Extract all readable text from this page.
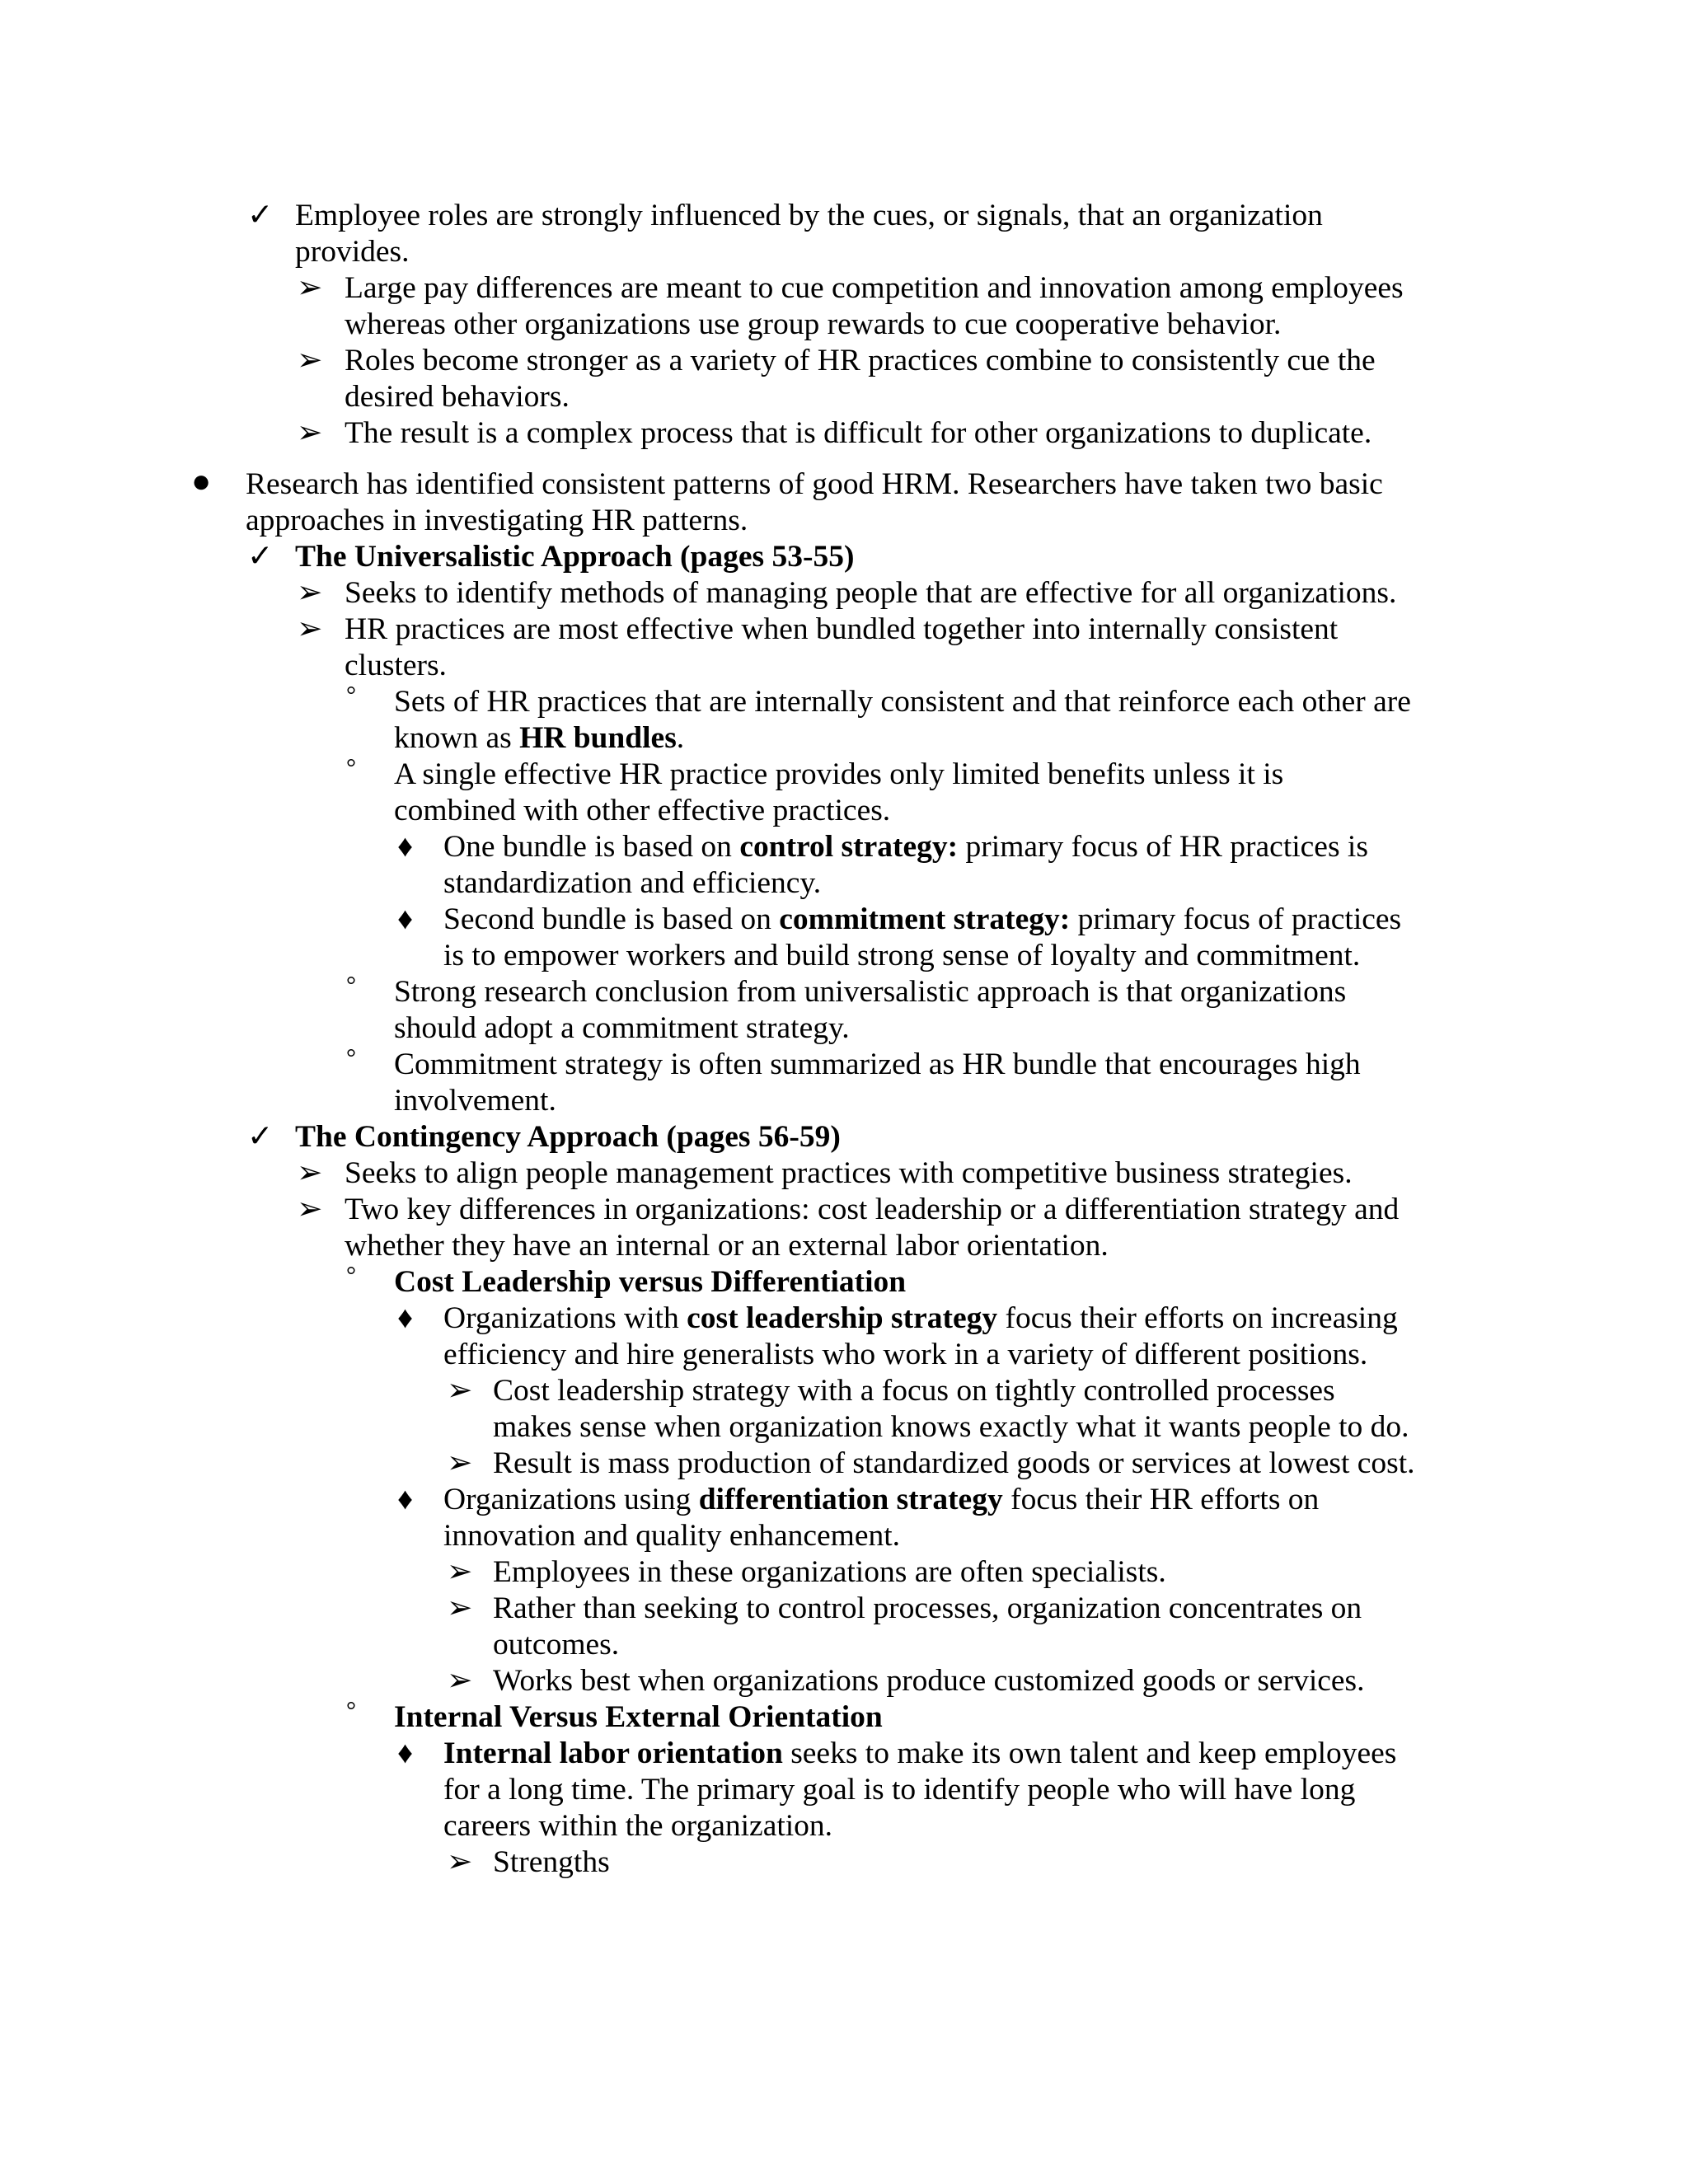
✓ Employee roles are strongly influenced by the cues, or signals, that an organization
provides.
➢ Large pay differences are meant to cue competition and innovation among employees
whereas other organizations use group rewards to cue cooperative behavior.
➢ Roles become stronger as a variety of HR practices combine to consistently cue the
desired behaviors.
➢ The result is a complex process that is difficult for other organizations to duplicate.
●	Research has identified consistent patterns of good HRM. Researchers have taken two basic
approaches in investigating HR patterns.
✓ The Universalistic Approach (pages 53-55)
➢ Seeks to identify methods of managing people that are effective for all organizations.
➢ HR practices are most effective when bundled together into internally consistent
clusters.
°	Sets of HR practices that are internally consistent and that reinforce each other are
known as HR bundles.
°	A single effective HR practice provides only limited benefits unless it is
combined with other effective practices.
♦ One bundle is based on control strategy: primary focus of HR practices is
standardization and efficiency.
♦ Second bundle is based on commitment strategy: primary focus of practices
is to empower workers and build strong sense of loyalty and commitment.
°	Strong research conclusion from universalistic approach is that organizations
should adopt a commitment strategy.
°	Commitment strategy is often summarized as HR bundle that encourages high
involvement.
✓ The Contingency Approach (pages 56-59)
➢ Seeks to align people management practices with competitive business strategies.
➢ Two key differences in organizations: cost leadership or a differentiation strategy and
whether they have an internal or an external labor orientation.
°	Cost Leadership versus Differentiation
♦ Organizations with cost leadership strategy focus their efforts on increasing
efficiency and hire generalists who work in a variety of different positions.
➢ Cost leadership strategy with a focus on tightly controlled processes
makes sense when organization knows exactly what it wants people to do.
➢ Result is mass production of standardized goods or services at lowest cost.
♦ Organizations using differentiation strategy focus their HR efforts on
innovation and quality enhancement.
➢ Employees in these organizations are often specialists.
➢ Rather than seeking to control processes, organization concentrates on
outcomes.
➢ Works best when organizations produce customized goods or services.
°	Internal Versus External Orientation
♦ Internal labor orientation seeks to make its own talent and keep employees
for a long time. The primary goal is to identify people who will have long
careers within the organization.
➢ Strengths
